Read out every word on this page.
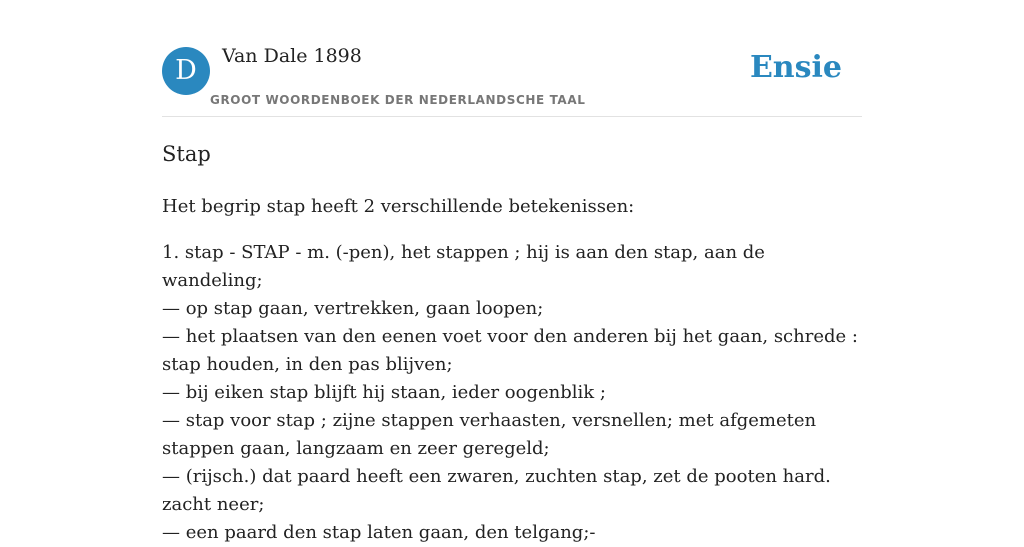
D	Van Dale 1898
GROOT WOORDENBOEK DER NEDERLANDSCHE TAAL
Ensie
Stap

Het begrip stap heeft 2 verschillende betekenissen:

1. stap - STAP - m. (-pen), het stappen ; hij is aan den stap, aan de wandeling;
— op stap gaan, vertrekken, gaan loopen;
— het plaatsen van den eenen voet voor den anderen bij het gaan, schrede : stap houden, in den pas blijven;
— bij eiken stap blijft hij staan, ieder oogenblik ;
— stap voor stap ; zijne stappen verhaasten, versnellen; met afgemeten stappen gaan, langzaam en zeer geregeld;
— (rijsch.) dat paard heeft een zwaren, zuchten stap, zet de pooten hard. zacht neer;
— een paard den stap laten gaan, den telgang;-
